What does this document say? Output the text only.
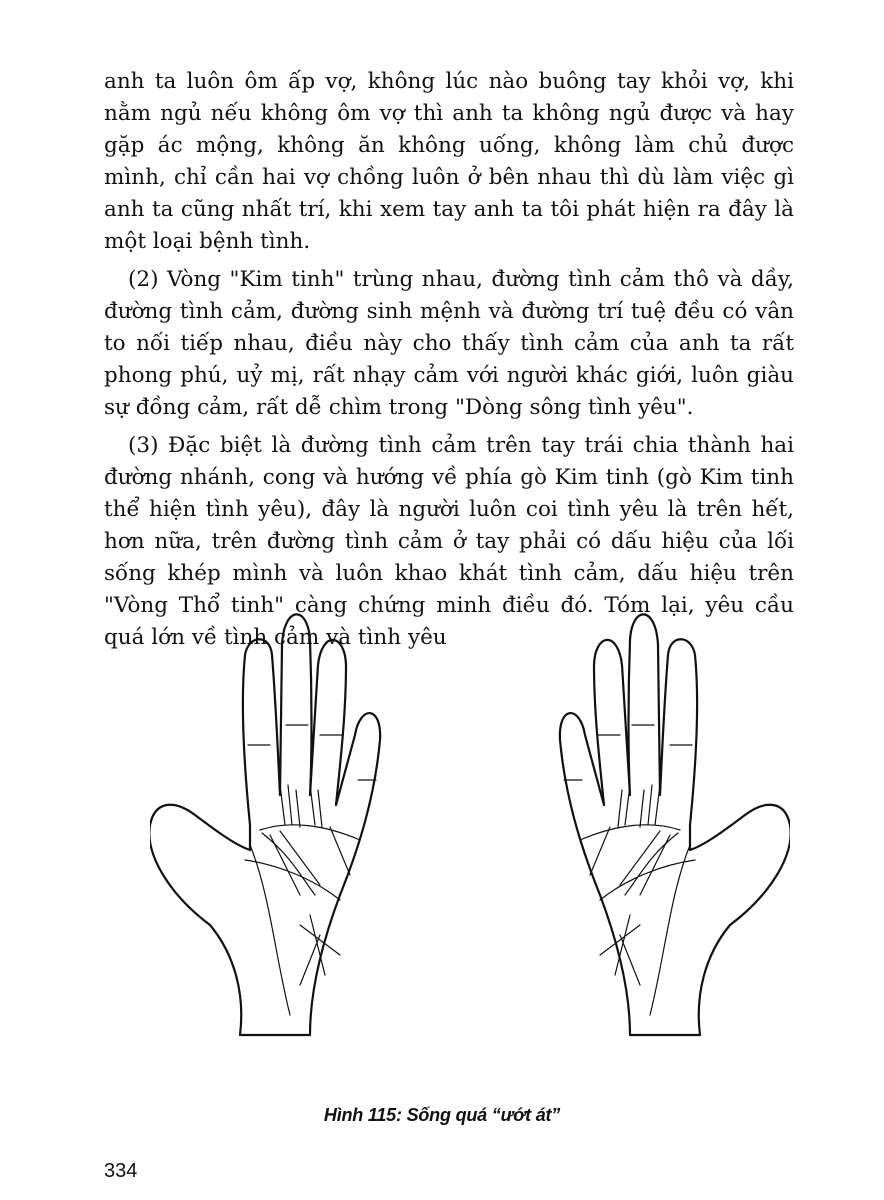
anh ta luôn ôm ấp vợ, không lúc nào buông tay khỏi vợ, khi nằm ngủ nếu không ôm vợ thì anh ta không ngủ được và hay gặp ác mộng, không ăn không uống, không làm chủ được mình, chỉ cần hai vợ chồng luôn ở bên nhau thì dù làm việc gì anh ta cũng nhất trí, khi xem tay anh ta tôi phát hiện ra đây là một loại bệnh tình.

(2) Vòng "Kim tinh" trùng nhau, đường tình cảm thô và dầy, đường tình cảm, đường sinh mệnh và đường trí tuệ đều có vân to nối tiếp nhau, điều này cho thấy tình cảm của anh ta rất phong phú, uỷ mị, rất nhạy cảm với người khác giới, luôn giàu sự đồng cảm, rất dễ chìm trong "Dòng sông tình yêu".

(3) Đặc biệt là đường tình cảm trên tay trái chia thành hai đường nhánh, cong và hướng về phía gò Kim tinh (gò Kim tinh thể hiện tình yêu), đây là người luôn coi tình yêu là trên hết, hơn nữa, trên đường tình cảm ở tay phải có dấu hiệu của lối sống khép mình và luôn khao khát tình cảm, dấu hiệu trên "Vòng Thổ tinh" càng chứng minh điều đó. Tóm lại, yêu cầu quá lớn về tình cảm và tình yêu

Hình 115: Sống quá “ướt át”
334
